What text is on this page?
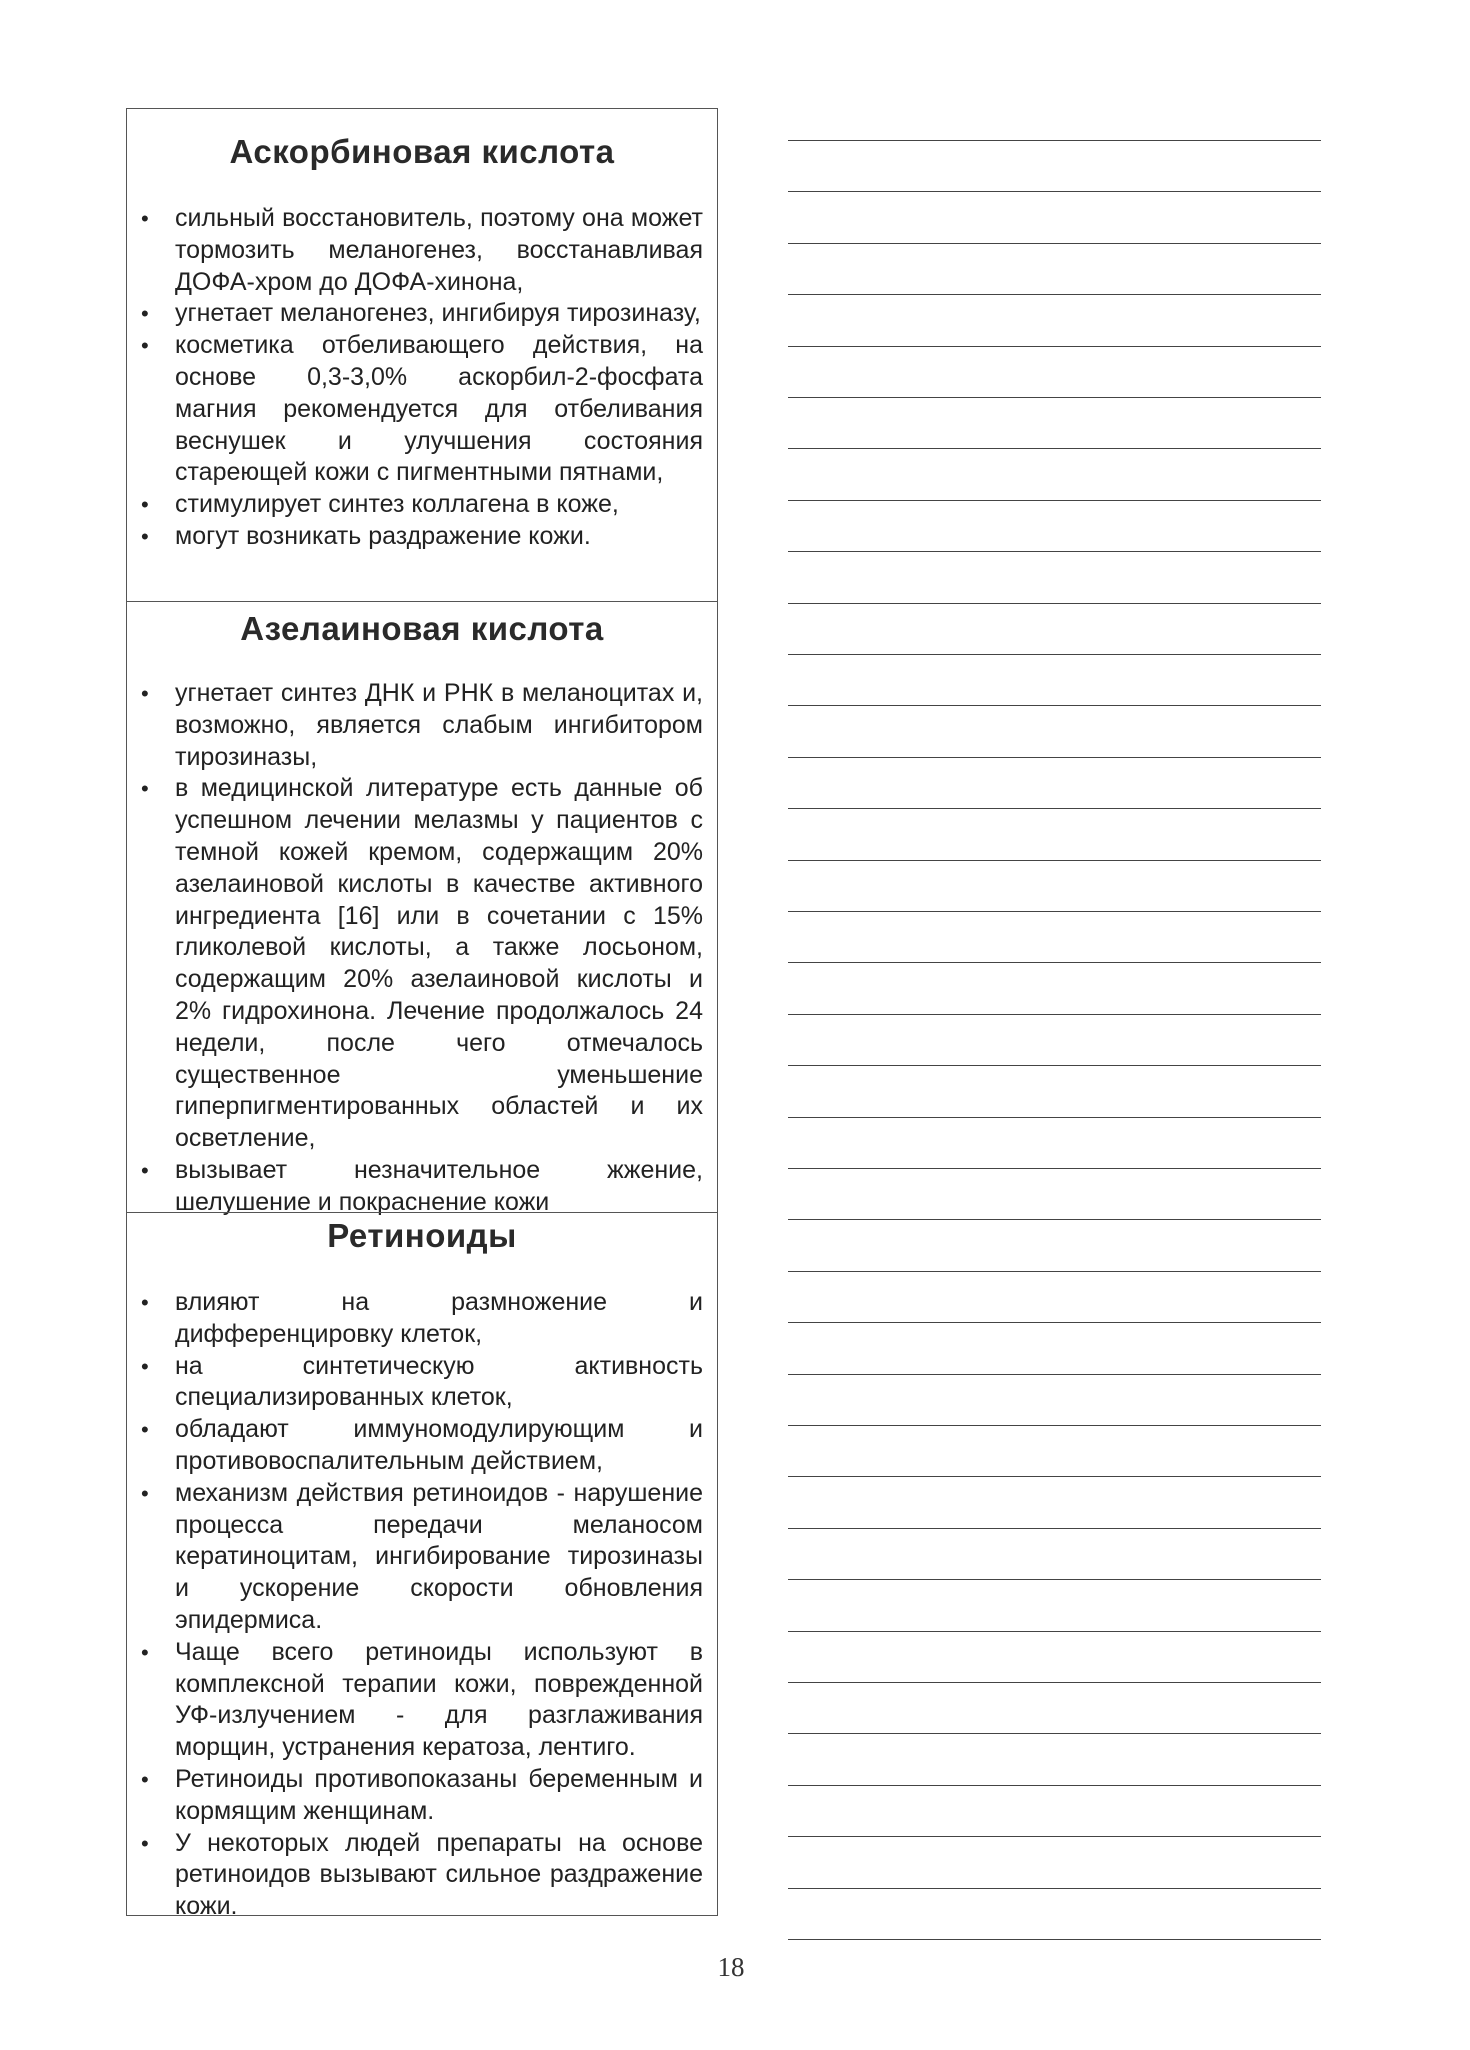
Аскорбиновая кислота
• сильный восстановитель, поэтому она может тормозить меланогенез, восстанавливая ДОФА-хром до ДОФА-хинона,
• угнетает меланогенез, ингибируя тирозиназу,
• косметика отбеливающего действия, на основе 0,3-3,0% аскорбил-2-фосфата магния рекомендуется для отбеливания веснушек и улучшения состояния стареющей кожи с пигментными пятнами,
• стимулирует синтез коллагена в коже,
• могут возникать раздражение кожи.
Азелаиновая кислота
• угнетает синтез ДНК и РНК в меланоцитах и, возможно, является слабым ингибитором тирозиназы,
• в медицинской литературе есть данные об успешном лечении мелазмы у пациентов с темной кожей кремом, содержащим 20% азелаиновой кислоты в качестве активного ингредиента [16] или в сочетании с 15% гликолевой кислоты, а также лосьоном, содержащим 20% азелаиновой кислоты и 2% гидрохинона. Лечение продолжалось 24 недели, после чего отмечалось существенное уменьшение гиперпигментированных областей и их осветление,
• вызывает незначительное жжение, шелушение и покраснение кожи
Ретиноиды
• влияют на размножение и дифференцировку клеток,
• на синтетическую активность специализированных клеток,
• обладают иммуномодулирующим и противовоспалительным действием,
• механизм действия ретиноидов - нарушение процесса передачи меланосом кератиноцитам, ингибирование тирозиназы и ускорение скорости обновления эпидермиса.
• Чаще всего ретиноиды используют в комплексной терапии кожи, поврежденной УФ-излучением - для разглаживания морщин, устранения кератоза, лентиго.
• Ретиноиды противопоказаны беременным и кормящим женщинам.
• У некоторых людей препараты на основе ретиноидов вызывают сильное раздражение кожи.
18
